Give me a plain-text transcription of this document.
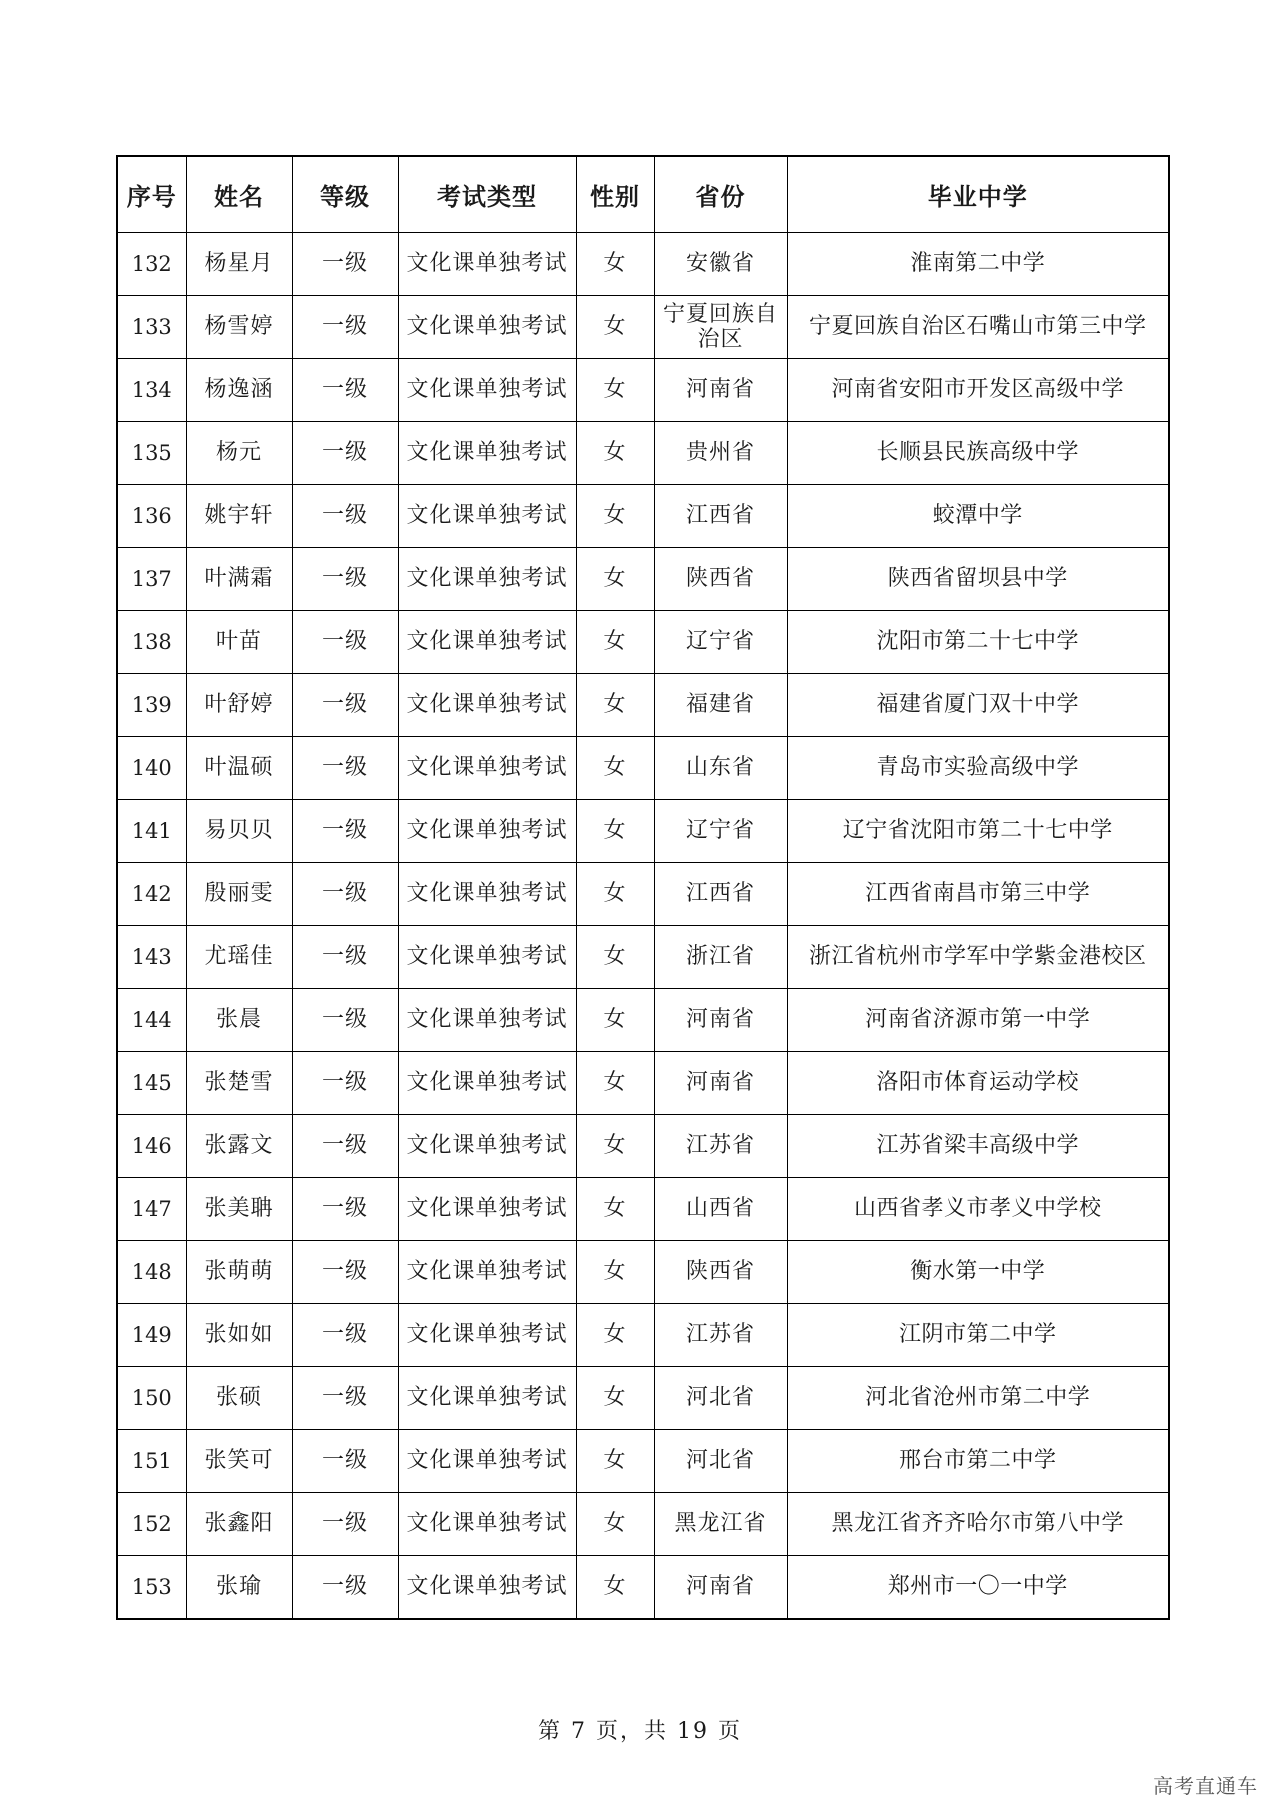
序号	姓名	等级	考试类型	性别	省份	毕业中学
132	杨星月	一级	文化课单独考试	女	安徽省	淮南第二中学
133	杨雪婷	一级	文化课单独考试	女	宁夏回族自治区	宁夏回族自治区石嘴山市第三中学
134	杨逸涵	一级	文化课单独考试	女	河南省	河南省安阳市开发区高级中学
135	杨元	一级	文化课单独考试	女	贵州省	长顺县民族高级中学
136	姚宇轩	一级	文化课单独考试	女	江西省	蛟潭中学
137	叶满霜	一级	文化课单独考试	女	陕西省	陕西省留坝县中学
138	叶苗	一级	文化课单独考试	女	辽宁省	沈阳市第二十七中学
139	叶舒婷	一级	文化课单独考试	女	福建省	福建省厦门双十中学
140	叶温硕	一级	文化课单独考试	女	山东省	青岛市实验高级中学
141	易贝贝	一级	文化课单独考试	女	辽宁省	辽宁省沈阳市第二十七中学
142	殷丽雯	一级	文化课单独考试	女	江西省	江西省南昌市第三中学
143	尤瑶佳	一级	文化课单独考试	女	浙江省	浙江省杭州市学军中学紫金港校区
144	张晨	一级	文化课单独考试	女	河南省	河南省济源市第一中学
145	张楚雪	一级	文化课单独考试	女	河南省	洛阳市体育运动学校
146	张露文	一级	文化课单独考试	女	江苏省	江苏省梁丰高级中学
147	张美聃	一级	文化课单独考试	女	山西省	山西省孝义市孝义中学校
148	张萌萌	一级	文化课单独考试	女	陕西省	衡水第一中学
149	张如如	一级	文化课单独考试	女	江苏省	江阴市第二中学
150	张硕	一级	文化课单独考试	女	河北省	河北省沧州市第二中学
151	张笑可	一级	文化课单独考试	女	河北省	邢台市第二中学
152	张鑫阳	一级	文化课单独考试	女	黑龙江省	黑龙江省齐齐哈尔市第八中学
153	张瑜	一级	文化课单独考试	女	河南省	郑州市一〇一中学
第 7 页，共 19 页
高考直通车
